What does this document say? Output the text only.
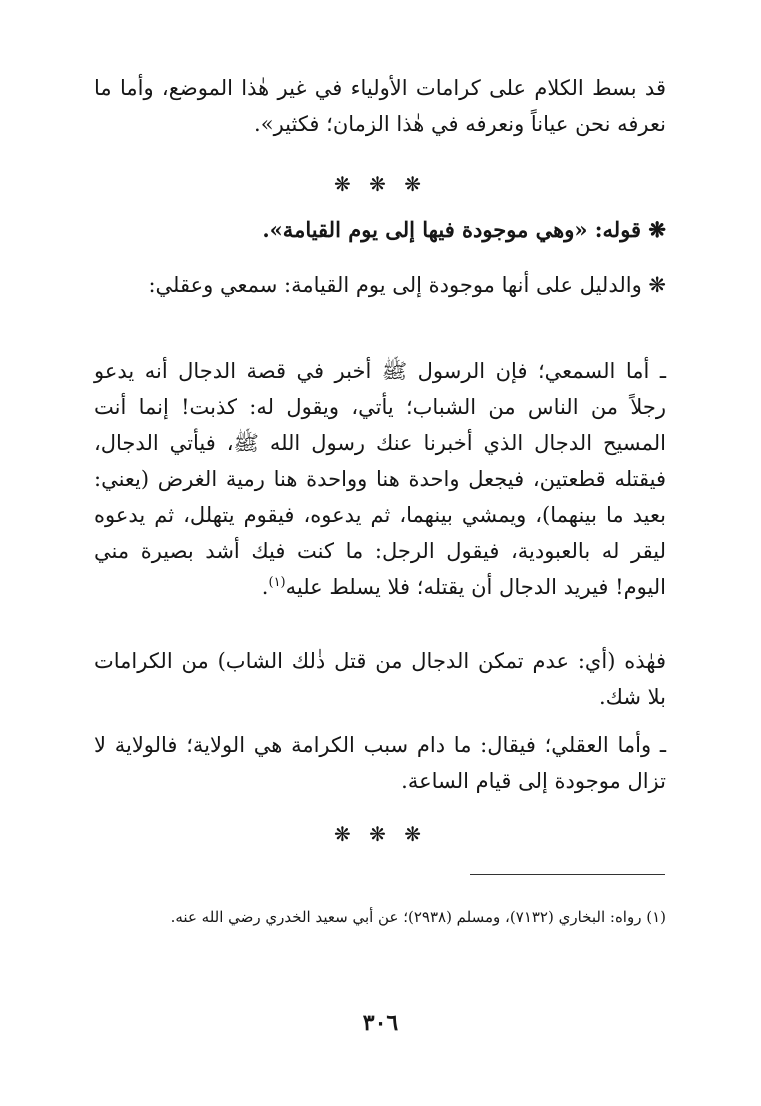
قد بسط الكلام على كرامات الأولياء في غير هٰذا الموضع، وأما ما نعرفه نحن عياناً ونعرفه في هٰذا الزمان؛ فكثير».

❋ ❋ ❋

❋ قوله: «وهي موجودة فيها إلى يوم القيامة».

❋ والدليل على أنها موجودة إلى يوم القيامة: سمعي وعقلي:

ـ أما السمعي؛ فإن الرسول ﷺ أخبر في قصة الدجال أنه يدعو رجلاً من الناس من الشباب؛ يأتي، ويقول له: كذبت! إنما أنت المسيح الدجال الذي أخبرنا عنك رسول الله ﷺ، فيأتي الدجال، فيقتله قطعتين، فيجعل واحدة هنا وواحدة هنا رمية الغرض (يعني: بعيد ما بينهما)، ويمشي بينهما، ثم يدعوه، فيقوم يتهلل، ثم يدعوه ليقر له بالعبودية، فيقول الرجل: ما كنت فيك أشد بصيرة مني اليوم! فيريد الدجال أن يقتله؛ فلا يسلط عليه$^{(١)}$.

فهٰذه (أي: عدم تمكن الدجال من قتل ذٰلك الشاب) من الكرامات بلا شك.

ـ وأما العقلي؛ فيقال: ما دام سبب الكرامة هي الولاية؛ فالولاية لا تزال موجودة إلى قيام الساعة.

❋ ❋ ❋
(١) رواه: البخاري (٧١٣٢)، ومسلم (٢٩٣٨)؛ عن أبي سعيد الخدري رضي الله عنه.
٣٠٦
